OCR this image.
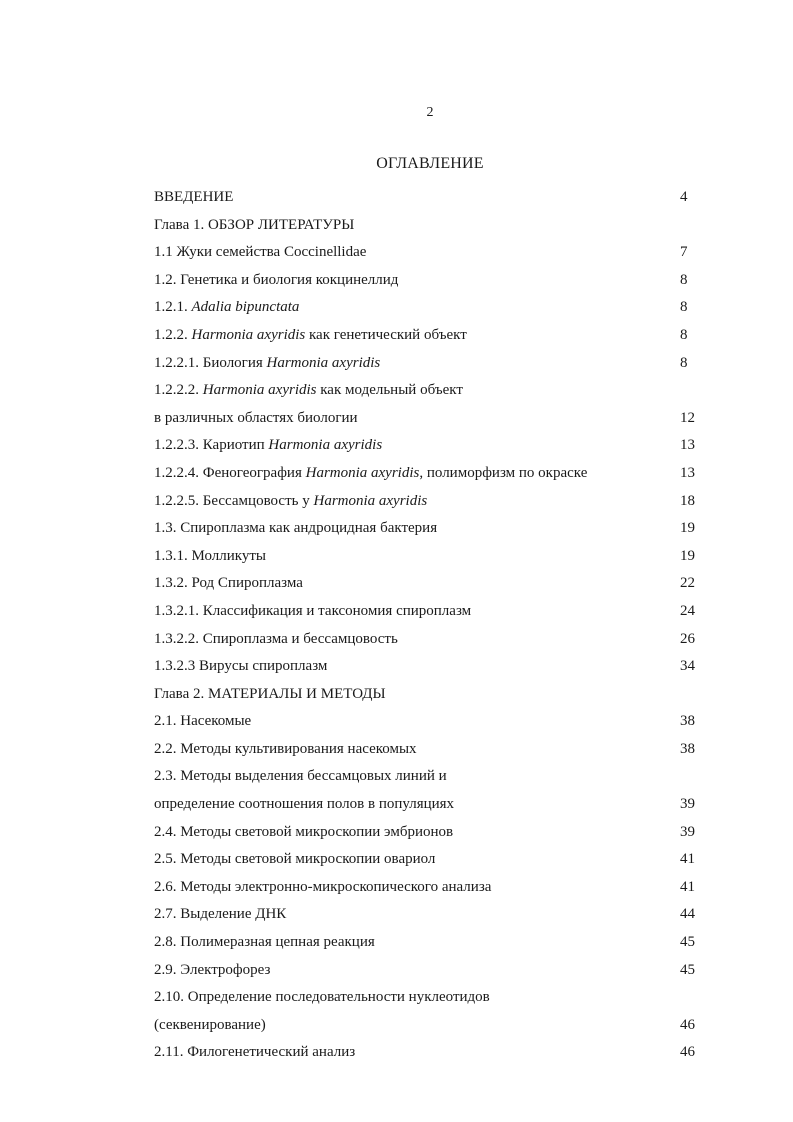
2
ОГЛАВЛЕНИЕ
ВВЕДЕНИЕ	4
Глава 1. ОБЗОР ЛИТЕРАТУРЫ
1.1 Жуки семейства Coccinellidae	7
1.2. Генетика и биология кокцинеллид	8
1.2.1. Adalia bipunctata	8
1.2.2. Harmonia axyridis как генетический объект	8
1.2.2.1. Биология Harmonia axyridis	8
1.2.2.2. Harmonia axyridis как модельный объект
в различных областях биологии	12
1.2.2.3. Кариотип Harmonia axyridis	13
1.2.2.4. Феногеография Harmonia axyridis, полиморфизм по окраске	13
1.2.2.5. Бессамцовость у Harmonia axyridis	18
1.3. Спироплазма как андроцидная бактерия	19
1.3.1. Молликуты	19
1.3.2. Род Спироплазма	22
1.3.2.1. Классификация и таксономия спироплазм	24
1.3.2.2. Спироплазма и бессамцовость	26
1.3.2.3 Вирусы спироплазм	34
Глава 2. МАТЕРИАЛЫ И МЕТОДЫ
2.1. Насекомые	38
2.2. Методы культивирования насекомых	38
2.3. Методы выделения бессамцовых линий и
определение соотношения полов в популяциях	39
2.4. Методы световой микроскопии эмбрионов	39
2.5. Методы световой микроскопии овариол	41
2.6. Методы электронно-микроскопического анализа	41
2.7. Выделение ДНК	44
2.8. Полимеразная цепная реакция	45
2.9. Электрофорез	45
2.10. Определение последовательности нуклеотидов
(секвенирование)	46
2.11. Филогенетический анализ	46
